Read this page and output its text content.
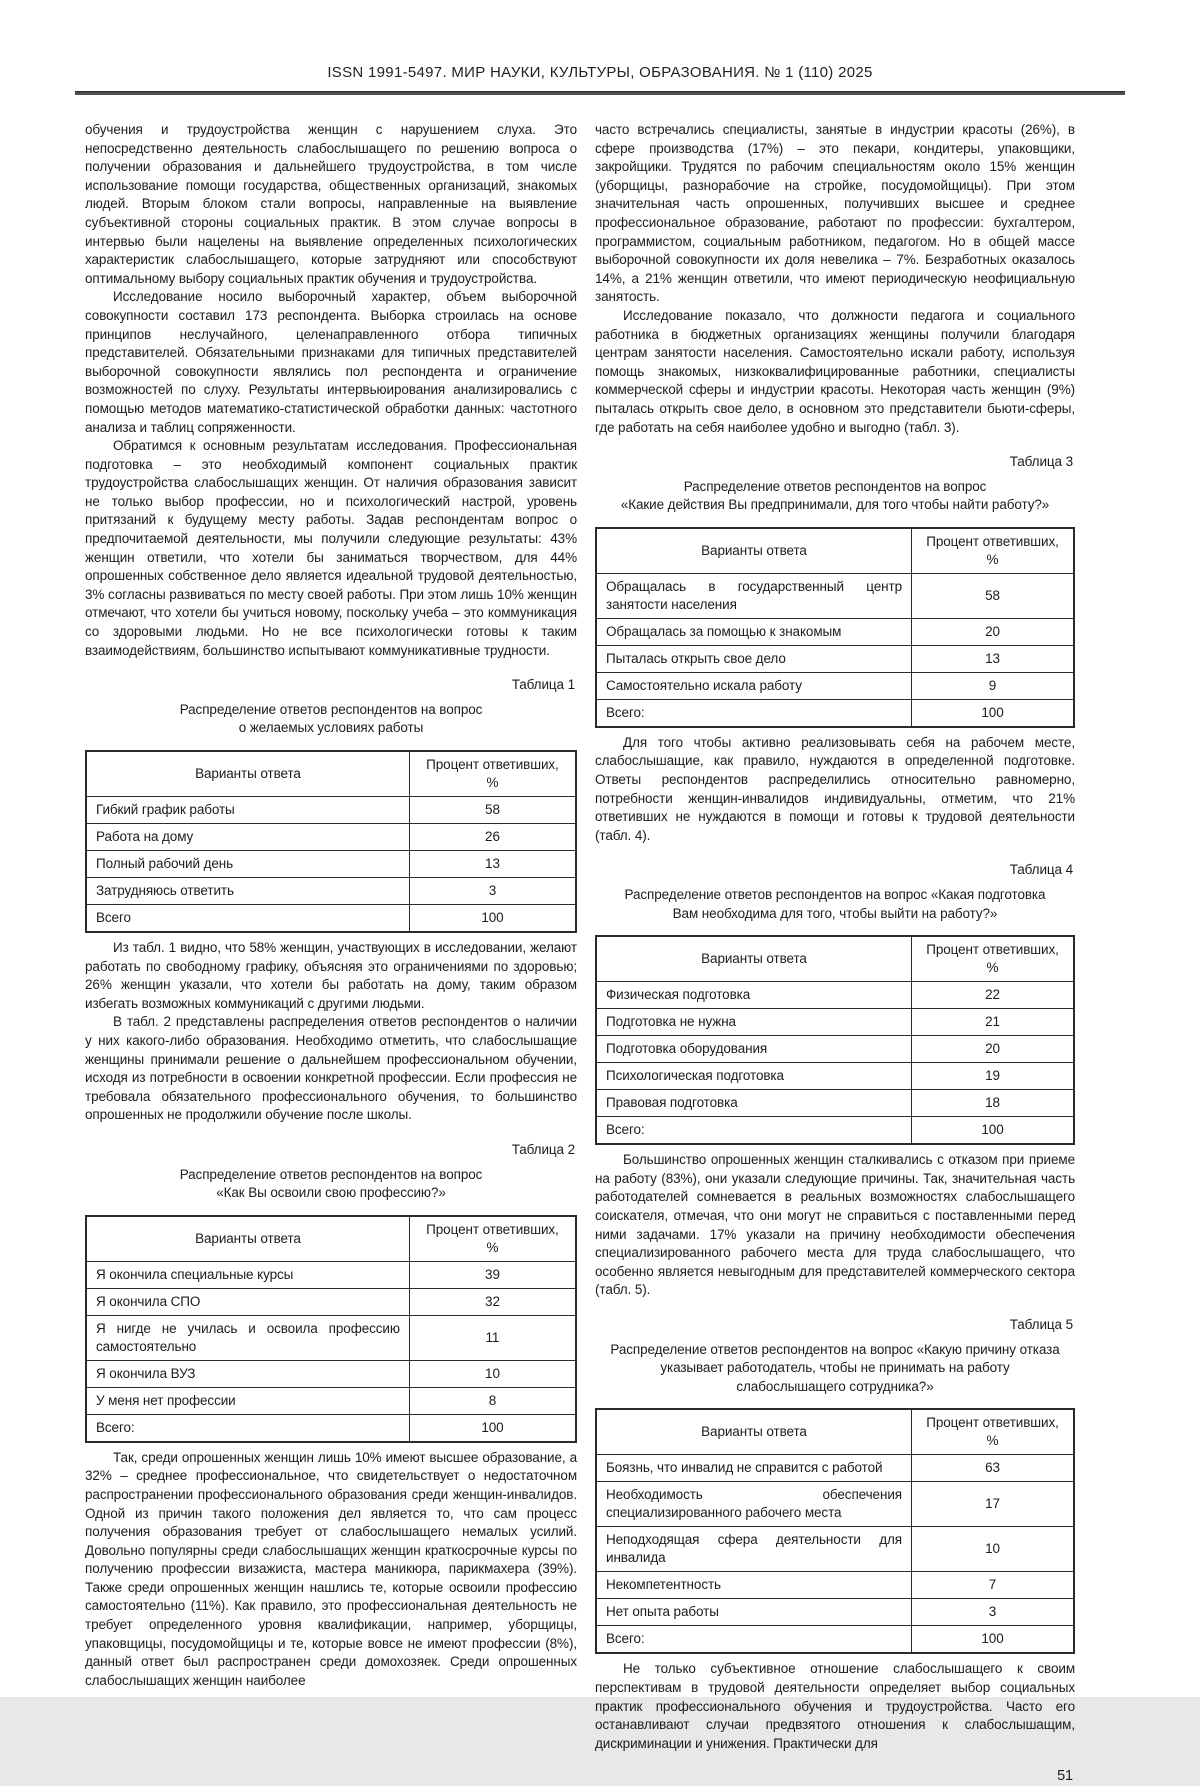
ISSN 1991-5497. МИР НАУКИ, КУЛЬТУРЫ, ОБРАЗОВАНИЯ. № 1 (110) 2025

обучения и трудоустройства женщин с нарушением слуха. Это непосредственно деятельность слабослышащего по решению вопроса о получении образования и дальнейшего трудоустройства, в том числе использование помощи государства, общественных организаций, знакомых людей. Вторым блоком стали вопросы, направленные на выявление субъективной стороны социальных практик. В этом случае вопросы в интервью были нацелены на выявление определенных психологических характеристик слабослышащего, которые затрудняют или способствуют оптимальному выбору социальных практик обучения и трудоустройства.

Исследование носило выборочный характер, объем выборочной совокупности составил 173 респондента. Выборка строилась на основе принципов неслучайного, целенаправленного отбора типичных представителей. Обязательными признаками для типичных представителей выборочной совокупности являлись пол респондента и ограничение возможностей по слуху. Результаты интервьюирования анализировались с помощью методов математико-статистической обработки данных: частотного анализа и таблиц сопряженности.

Обратимся к основным результатам исследования. Профессиональная подготовка – это необходимый компонент социальных практик трудоустройства слабослышащих женщин. От наличия образования зависит не только выбор профессии, но и психологический настрой, уровень притязаний к будущему месту работы. Задав респондентам вопрос о предпочитаемой деятельности, мы получили следующие результаты: 43% женщин ответили, что хотели бы заниматься творчеством, для 44% опрошенных собственное дело является идеальной трудовой деятельностью, 3% согласны развиваться по месту своей работы. При этом лишь 10% женщин отмечают, что хотели бы учиться новому, поскольку учеба – это коммуникация со здоровыми людьми. Но не все психологически готовы к таким взаимодействиям, большинство испытывают коммуникативные трудности.

Таблица 1
Распределение ответов респондентов на вопрос
о желаемых условиях работы
Варианты ответа	Процент ответивших, %
Гибкий график работы	58
Работа на дому	26
Полный рабочий день	13
Затрудняюсь ответить	3
Всего	100

Из табл. 1 видно, что 58% женщин, участвующих в исследовании, желают работать по свободному графику, объясняя это ограничениями по здоровью; 26% женщин указали, что хотели бы работать на дому, таким образом избегать возможных коммуникаций с другими людьми.

В табл. 2 представлены распределения ответов респондентов о наличии у них какого-либо образования. Необходимо отметить, что слабослышащие женщины принимали решение о дальнейшем профессиональном обучении, исходя из потребности в освоении конкретной профессии. Если профессия не требовала обязательного профессионального обучения, то большинство опрошенных не продолжили обучение после школы.

Таблица 2
Распределение ответов респондентов на вопрос
«Как Вы освоили свою профессию?»
Варианты ответа	Процент ответивших, %
Я окончила специальные курсы	39
Я окончила СПО	32
Я нигде не училась и освоила профессию самостоятельно	11
Я окончила ВУЗ	10
У меня нет профессии	8
Всего:	100

Так, среди опрошенных женщин лишь 10% имеют высшее образование, а 32% – среднее профессиональное, что свидетельствует о недостаточном распространении профессионального образования среди женщин-инвалидов. Одной из причин такого положения дел является то, что сам процесс получения образования требует от слабослышащего немалых усилий. Довольно популярны среди слабослышащих женщин краткосрочные курсы по получению профессии визажиста, мастера маникюра, парикмахера (39%). Также среди опрошенных женщин нашлись те, которые освоили профессию самостоятельно (11%). Как правило, это профессиональная деятельность не требует определенного уровня квалификации, например, уборщицы, упаковщицы, посудомойщицы и те, которые вовсе не имеют профессии (8%), данный ответ был распространен среди домохозяек. Среди опрошенных слабослышащих женщин наиболее

часто встречались специалисты, занятые в индустрии красоты (26%), в сфере производства (17%) – это пекари, кондитеры, упаковщики, закройщики. Трудятся по рабочим специальностям около 15% женщин (уборщицы, разнорабочие на стройке, посудомойщицы). При этом значительная часть опрошенных, получивших высшее и среднее профессиональное образование, работают по профессии: бухгалтером, программистом, социальным работником, педагогом. Но в общей массе выборочной совокупности их доля невелика – 7%. Безработных оказалось 14%, а 21% женщин ответили, что имеют периодическую неофициальную занятость.

Исследование показало, что должности педагога и социального работника в бюджетных организациях женщины получили благодаря центрам занятости населения. Самостоятельно искали работу, используя помощь знакомых, низкоквалифицированные работники, специалисты коммерческой сферы и индустрии красоты. Некоторая часть женщин (9%) пыталась открыть свое дело, в основном это представители бьюти-сферы, где работать на себя наиболее удобно и выгодно (табл. 3).

Таблица 3
Распределение ответов респондентов на вопрос
«Какие действия Вы предпринимали, для того чтобы найти работу?»
Варианты ответа	Процент ответивших, %
Обращалась в государственный центр занятости населения	58
Обращалась за помощью к знакомым	20
Пыталась открыть свое дело	13
Самостоятельно искала работу	9
Всего:	100

Для того чтобы активно реализовывать себя на рабочем месте, слабослышащие, как правило, нуждаются в определенной подготовке. Ответы респондентов распределились относительно равномерно, потребности женщин-инвалидов индивидуальны, отметим, что 21% ответивших не нуждаются в помощи и готовы к трудовой деятельности (табл. 4).

Таблица 4
Распределение ответов респондентов на вопрос «Какая подготовка
Вам необходима для того, чтобы выйти на работу?»
Варианты ответа	Процент ответивших, %
Физическая подготовка	22
Подготовка не нужна	21
Подготовка оборудования	20
Психологическая подготовка	19
Правовая подготовка	18
Всего:	100

Большинство опрошенных женщин сталкивались с отказом при приеме на работу (83%), они указали следующие причины. Так, значительная часть работодателей сомневается в реальных возможностях слабослышащего соискателя, отмечая, что они могут не справиться с поставленными перед ними задачами. 17% указали на причину необходимости обеспечения специализированного рабочего места для труда слабослышащего, что особенно является невыгодным для представителей коммерческого сектора (табл. 5).

Таблица 5
Распределение ответов респондентов на вопрос «Какую причину отказа
указывает работодатель, чтобы не принимать на работу
слабослышащего сотрудника?»
Варианты ответа	Процент ответивших, %
Боязнь, что инвалид не справится с работой	63
Необходимость обеспечения специализированного рабочего места	17
Неподходящая сфера деятельности для инвалида	10
Некомпетентность	7
Нет опыта работы	3
Всего:	100

Не только субъективное отношение слабослышащего к своим перспективам в трудовой деятельности определяет выбор социальных практик профессионального обучения и трудоустройства. Часто его останавливают случаи предвзятого отношения к слабослышащим, дискриминации и унижения. Практически для

51
